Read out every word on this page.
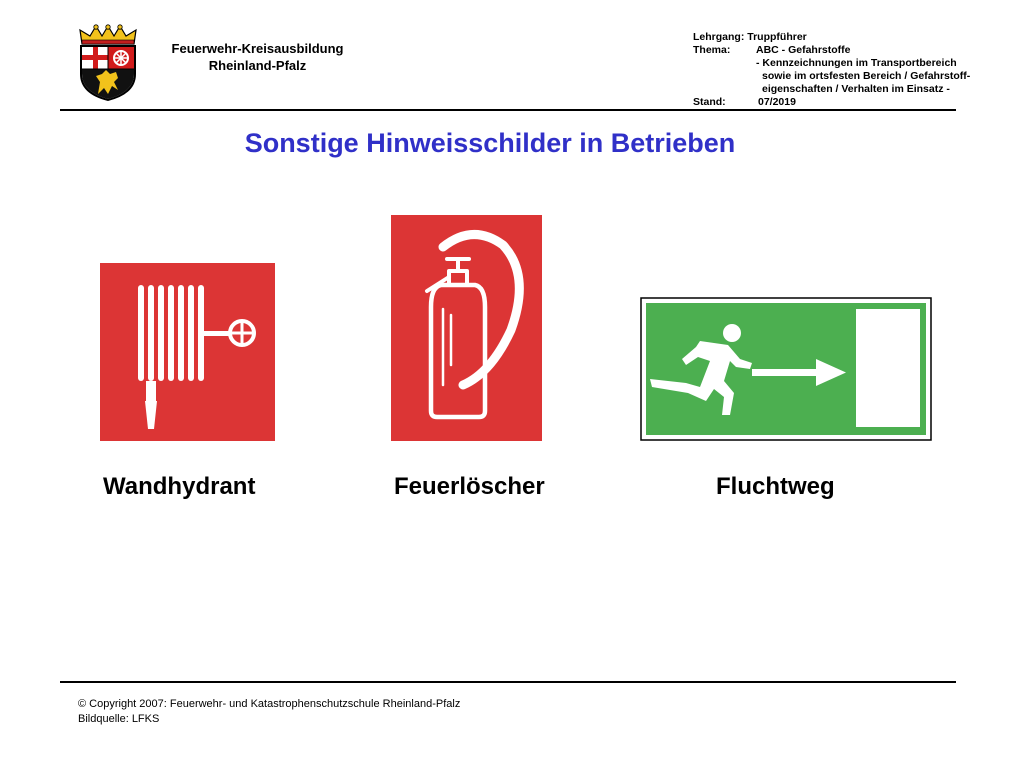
Feuerwehr-Kreisausbildung
Rheinland-Pfalz
Lehrgang:
Truppführer
Thema:	ABC - Gefahrstoffe
- Kennzeichnungen im Transportbereich
sowie im ortsfesten Bereich / Gefahrstoff-
eigenschaften / Verhalten im Einsatz -
Stand:	07/2019
Sonstige Hinweisschilder in Betrieben
Wandhydrant	Feuerlöscher	Fluchtweg
© Copyright 2007: Feuerwehr- und Katastrophenschutzschule Rheinland-Pfalz
Bildquelle: LFKS
